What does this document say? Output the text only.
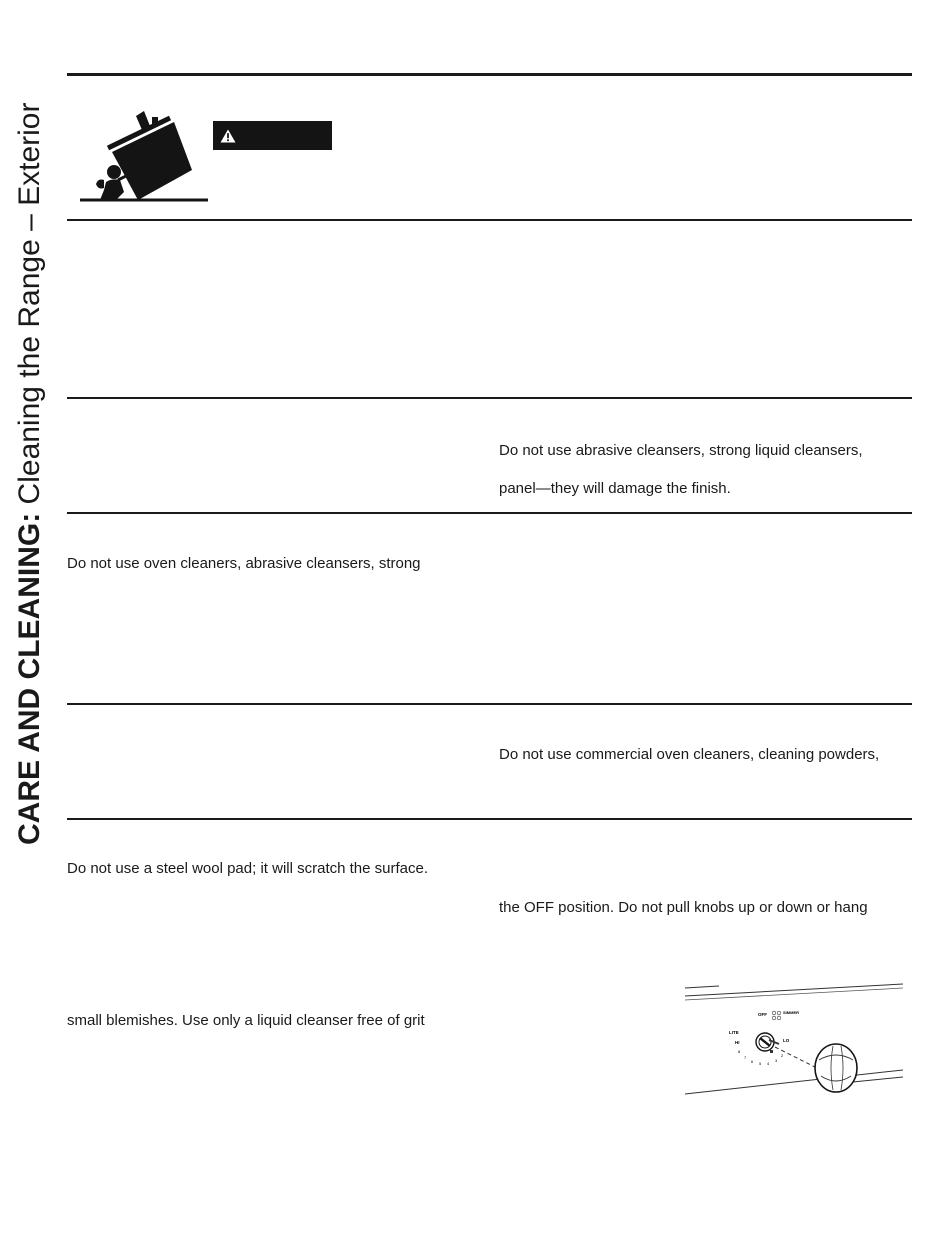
CARE AND CLEANING: Cleaning the Range – Exterior	Do not use abrasive cleansers, strong liquid cleansers,
panel—they will damage the finish.
Do not use oven cleaners, abrasive cleansers, strong
Do not use commercial oven cleaners, cleaning powders,
Do not use a steel wool pad; it will scratch the surface.
the OFF position. Do not pull knobs up or down or hang
small blemishes. Use only a liquid cleanser free of grit	OFF	SIMMER
LITE
HI	LO
8
7
6 5 4
3
2
